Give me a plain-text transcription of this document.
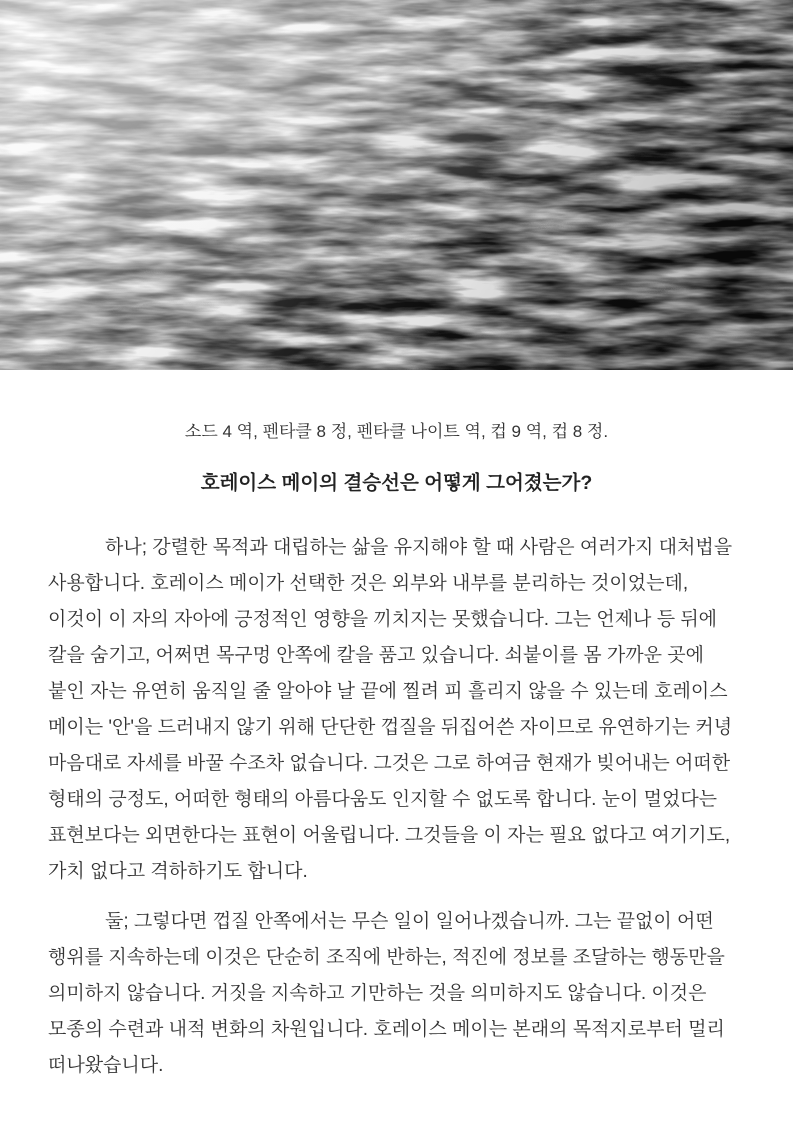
소드 4 역, 펜타클 8 정, 펜타클 나이트 역, 컵 9 역, 컵 8 정.

호레이스 메이의 결승선은 어떻게 그어졌는가?

하나; 강렬한 목적과 대립하는 삶을 유지해야 할 때 사람은 여러가지 대처법을 사용합니다. 호레이스 메이가 선택한 것은 외부와 내부를 분리하는 것이었는데, 이것이 이 자의 자아에 긍정적인 영향을 끼치지는 못했습니다. 그는 언제나 등 뒤에 칼을 숨기고, 어쩌면 목구멍 안쪽에 칼을 품고 있습니다. 쇠붙이를 몸 가까운 곳에 붙인 자는 유연히 움직일 줄 알아야 날 끝에 찔려 피 흘리지 않을 수 있는데 호레이스 메이는 '안'을 드러내지 않기 위해 단단한 껍질을 뒤집어쓴 자이므로 유연하기는 커녕 마음대로 자세를 바꿀 수조차 없습니다. 그것은 그로 하여금 현재가 빚어내는 어떠한 형태의 긍정도, 어떠한 형태의 아름다움도 인지할 수 없도록 합니다. 눈이 멀었다는 표현보다는 외면한다는 표현이 어울립니다. 그것들을 이 자는 필요 없다고 여기기도, 가치 없다고 격하하기도 합니다.

둘; 그렇다면 껍질 안쪽에서는 무슨 일이 일어나겠습니까. 그는 끝없이 어떤 행위를 지속하는데 이것은 단순히 조직에 반하는, 적진에 정보를 조달하는 행동만을 의미하지 않습니다. 거짓을 지속하고 기만하는 것을 의미하지도 않습니다. 이것은 모종의 수련과 내적 변화의 차원입니다. 호레이스 메이는 본래의 목적지로부터 멀리 떠나왔습니다.
